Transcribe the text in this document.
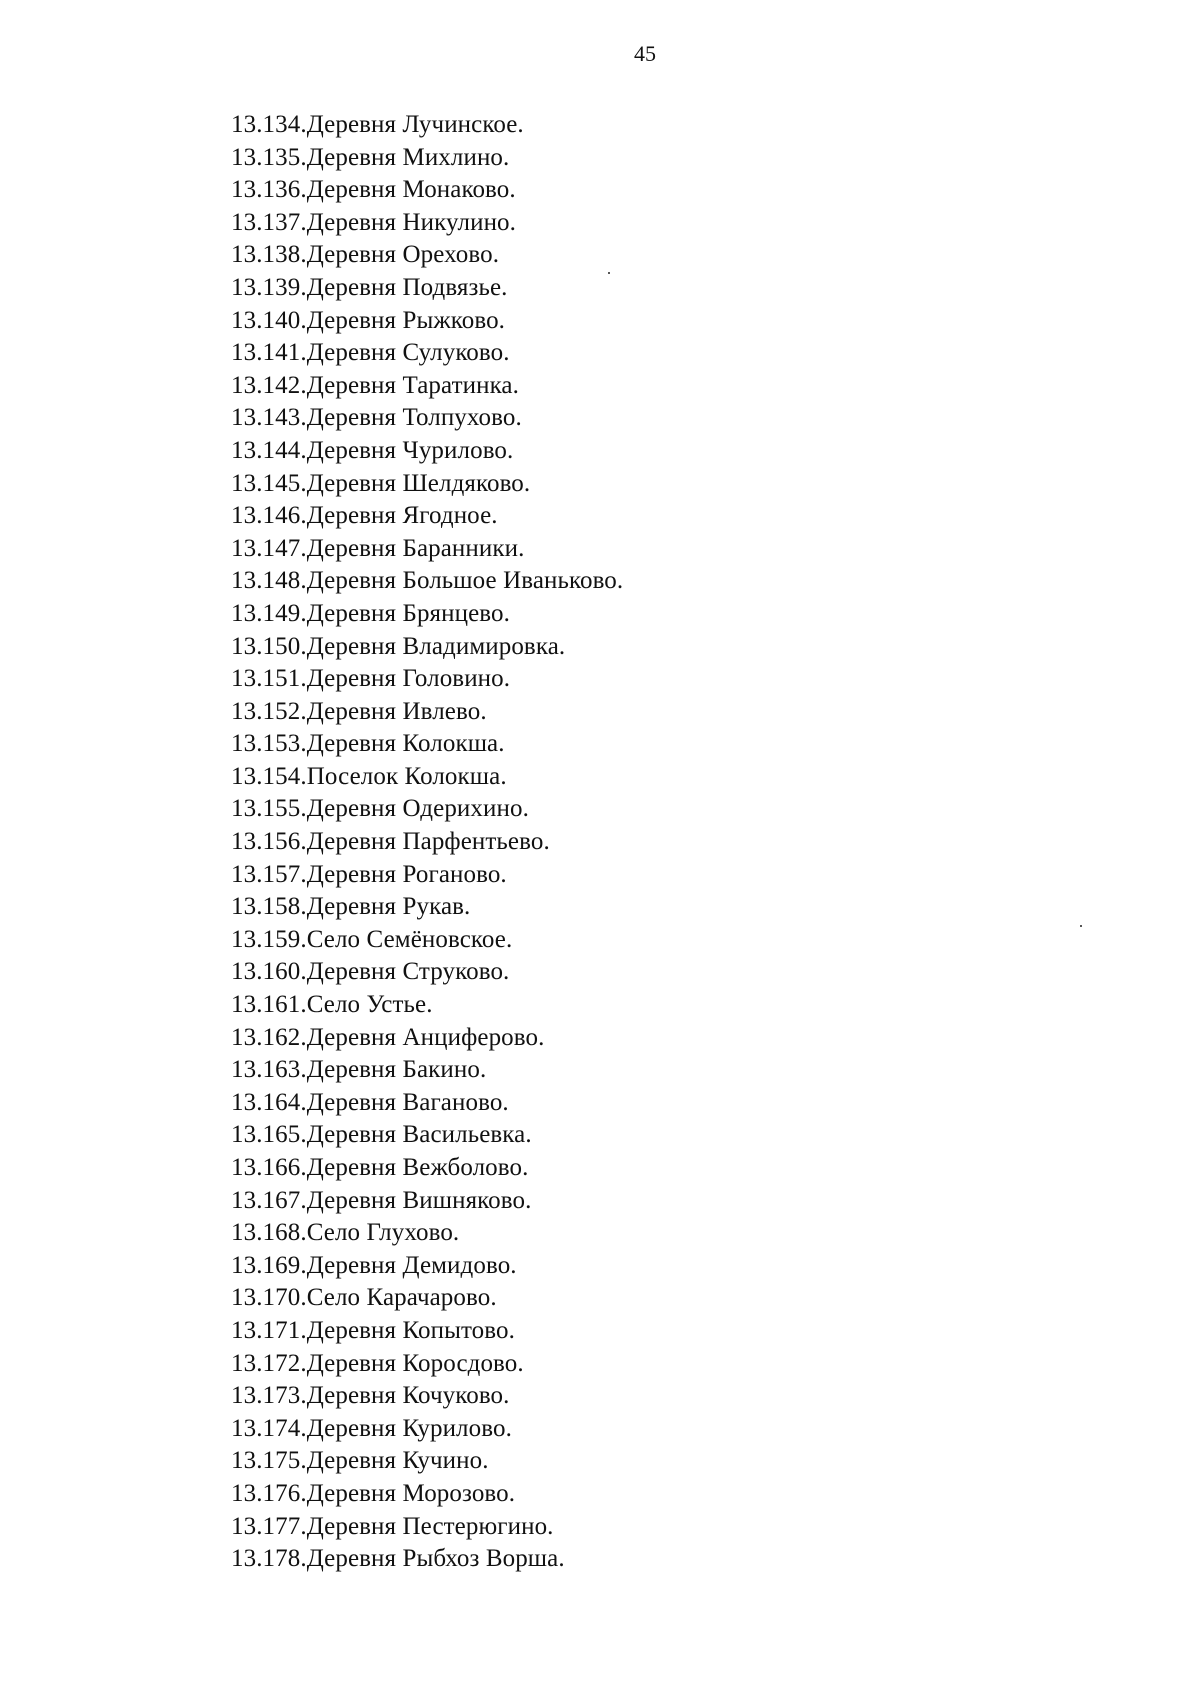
45
13.134.Деревня Лучинское.
13.135.Деревня Михлино.
13.136.Деревня Монаково.
13.137.Деревня Никулино.
13.138.Деревня Орехово.
13.139.Деревня Подвязье.
13.140.Деревня Рыжково.
13.141.Деревня Сулуково.
13.142.Деревня Таратинка.
13.143.Деревня Толпухово.
13.144.Деревня Чурилово.
13.145.Деревня Шелдяково.
13.146.Деревня Ягодное.
13.147.Деревня Баранники.
13.148.Деревня Большое Иваньково.
13.149.Деревня Брянцево.
13.150.Деревня Владимировка.
13.151.Деревня Головино.
13.152.Деревня Ивлево.
13.153.Деревня Колокша.
13.154.Поселок Колокша.
13.155.Деревня Одерихино.
13.156.Деревня Парфентьево.
13.157.Деревня Роганово.
13.158.Деревня Рукав.
13.159.Село Семёновское.
13.160.Деревня Струково.
13.161.Село Устье.
13.162.Деревня Анциферово.
13.163.Деревня Бакино.
13.164.Деревня Ваганово.
13.165.Деревня Васильевка.
13.166.Деревня Вежболово.
13.167.Деревня Вишняково.
13.168.Село Глухово.
13.169.Деревня Демидово.
13.170.Село Карачарово.
13.171.Деревня Копытово.
13.172.Деревня Коросдово.
13.173.Деревня Кочуково.
13.174.Деревня Курилово.
13.175.Деревня Кучино.
13.176.Деревня Морозово.
13.177.Деревня Пестерюгино.
13.178.Деревня Рыбхоз Ворша.
